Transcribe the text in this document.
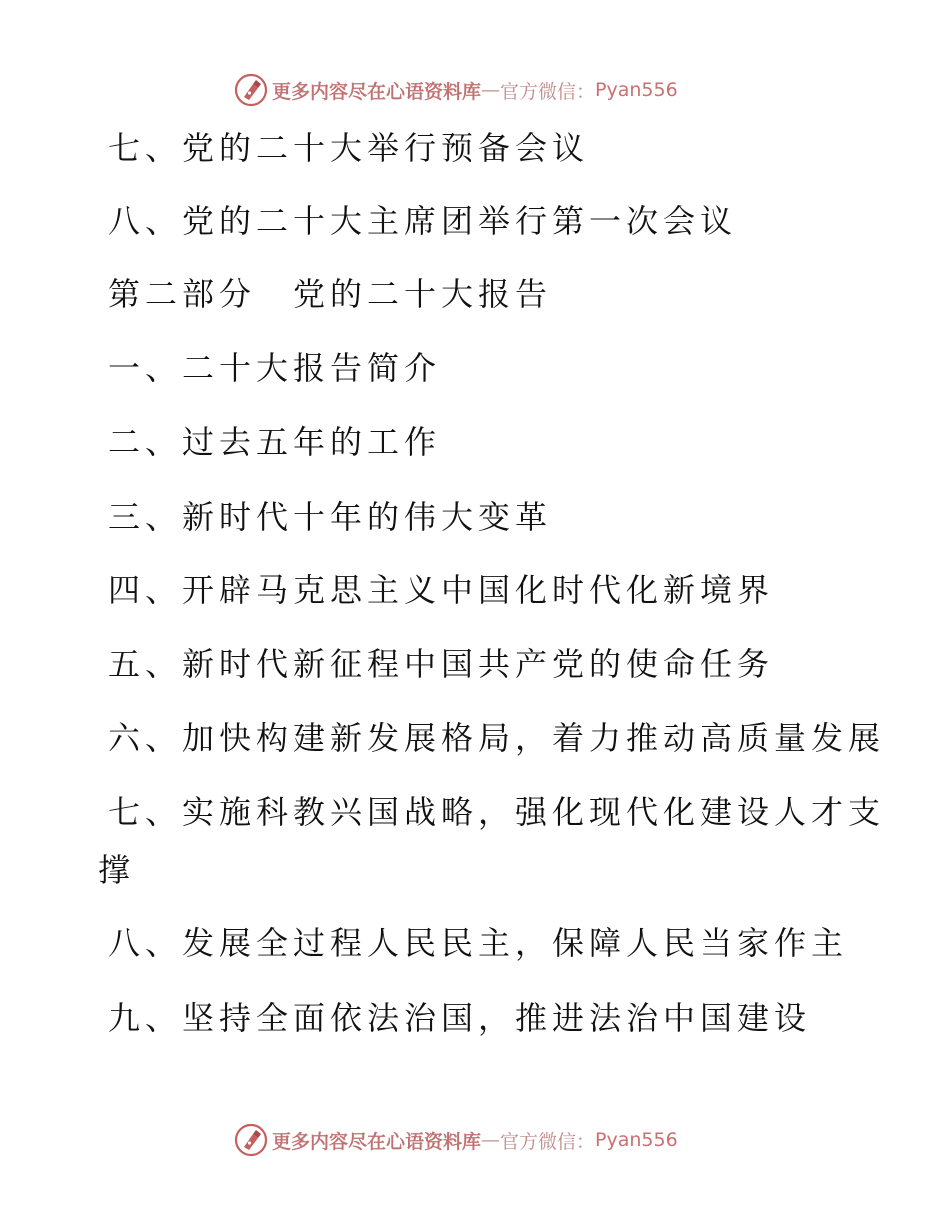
更多内容尽在心语资料库 — 官方微信： Pyan556
七、党的二十大举行预备会议
八、党的二十大主席团举行第一次会议
第二部分　党的二十大报告
一、二十大报告简介
二、过去五年的工作
三、新时代十年的伟大变革
四、开辟马克思主义中国化时代化新境界
五、新时代新征程中国共产党的使命任务
六、加快构建新发展格局，着力推动高质量发展
七、实施科教兴国战略，强化现代化建设人才支
撑
八、发展全过程人民民主，保障人民当家作主
九、坚持全面依法治国，推进法治中国建设
更多内容尽在心语资料库 — 官方微信： Pyan556
